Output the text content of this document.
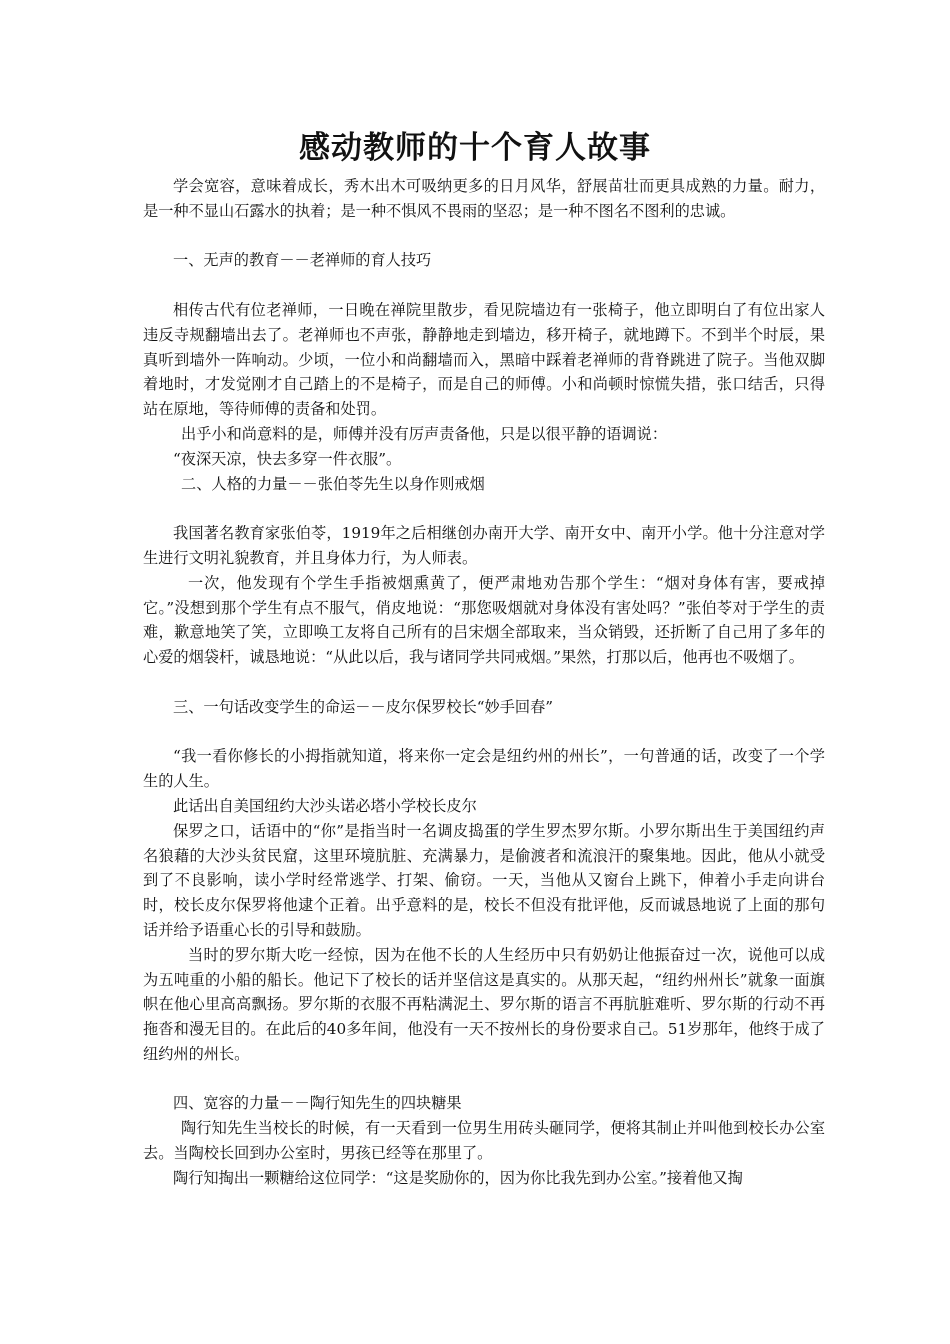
感动教师的十个育人故事

学会宽容，意味着成长，秀木出木可吸纳更多的日月风华，舒展苗壮而更具成熟的力量。耐力，是一种不显山石露水的执着；是一种不惧风不畏雨的坚忍；是一种不图名不图利的忠诚。

一、无声的教育－－老禅师的育人技巧

相传古代有位老禅师，一日晚在禅院里散步，看见院墙边有一张椅子，他立即明白了有位出家人违反寺规翻墙出去了。老禅师也不声张，静静地走到墙边，移开椅子，就地蹲下。不到半个时辰，果真听到墙外一阵响动。少顷，一位小和尚翻墙而入，黑暗中踩着老禅师的背脊跳进了院子。当他双脚着地时，才发觉刚才自己踏上的不是椅子，而是自己的师傅。小和尚顿时惊慌失措，张口结舌，只得站在原地，等待师傅的责备和处罚。

出乎小和尚意料的是，师傅并没有厉声责备他，只是以很平静的语调说：

“夜深天凉，快去多穿一件衣服”。

二、人格的力量－－张伯苓先生以身作则戒烟

我国著名教育家张伯苓，1919年之后相继创办南开大学、南开女中、南开小学。他十分注意对学生进行文明礼貌教育，并且身体力行，为人师表。

一次，他发现有个学生手指被烟熏黄了，便严肃地劝告那个学生：“烟对身体有害，要戒掉它。”没想到那个学生有点不服气，俏皮地说：“那您吸烟就对身体没有害处吗？”张伯苓对于学生的责难，歉意地笑了笑，立即唤工友将自己所有的吕宋烟全部取来，当众销毁，还折断了自己用了多年的心爱的烟袋杆，诚恳地说：“从此以后，我与诸同学共同戒烟。”果然，打那以后，他再也不吸烟了。

三、一句话改变学生的命运－－皮尔保罗校长“妙手回春”

“我一看你修长的小拇指就知道，将来你一定会是纽约州的州长”，一句普通的话，改变了一个学生的人生。

此话出自美国纽约大沙头诺必塔小学校长皮尔

保罗之口，话语中的“你”是指当时一名调皮捣蛋的学生罗杰罗尔斯。小罗尔斯出生于美国纽约声名狼藉的大沙头贫民窟，这里环境肮脏、充满暴力，是偷渡者和流浪汗的聚集地。因此，他从小就受到了不良影响，读小学时经常逃学、打架、偷窃。一天，当他从又窗台上跳下，伸着小手走向讲台时，校长皮尔保罗将他逮个正着。出乎意料的是，校长不但没有批评他，反而诚恳地说了上面的那句话并给予语重心长的引导和鼓励。

当时的罗尔斯大吃一经惊，因为在他不长的人生经历中只有奶奶让他振奋过一次，说他可以成为五吨重的小船的船长。他记下了校长的话并坚信这是真实的。从那天起，“纽约州州长”就象一面旗帜在他心里高高飘扬。罗尔斯的衣服不再粘满泥土、罗尔斯的语言不再肮脏难听、罗尔斯的行动不再拖沓和漫无目的。在此后的40多年间，他没有一天不按州长的身份要求自己。51岁那年，他终于成了纽约州的州长。

四、宽容的力量－－陶行知先生的四块糖果

陶行知先生当校长的时候，有一天看到一位男生用砖头砸同学，便将其制止并叫他到校长办公室去。当陶校长回到办公室时，男孩已经等在那里了。

陶行知掏出一颗糖给这位同学：“这是奖励你的，因为你比我先到办公室。”接着他又掏
